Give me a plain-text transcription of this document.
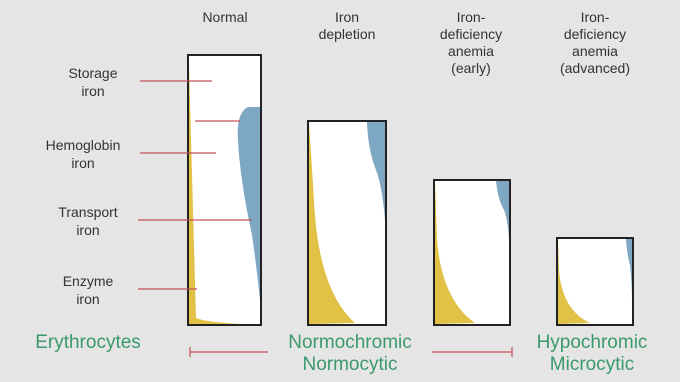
Normal	Iron
depletion
Iron-
deficiency
anemia
(early)
Iron-
deficiency
anemia
(advanced)
Storage
iron
Hemoglobin
iron
Transport
iron
Enzyme
iron
Erythrocytes	Normochromic
Normocytic
Hypochromic
Microcytic
